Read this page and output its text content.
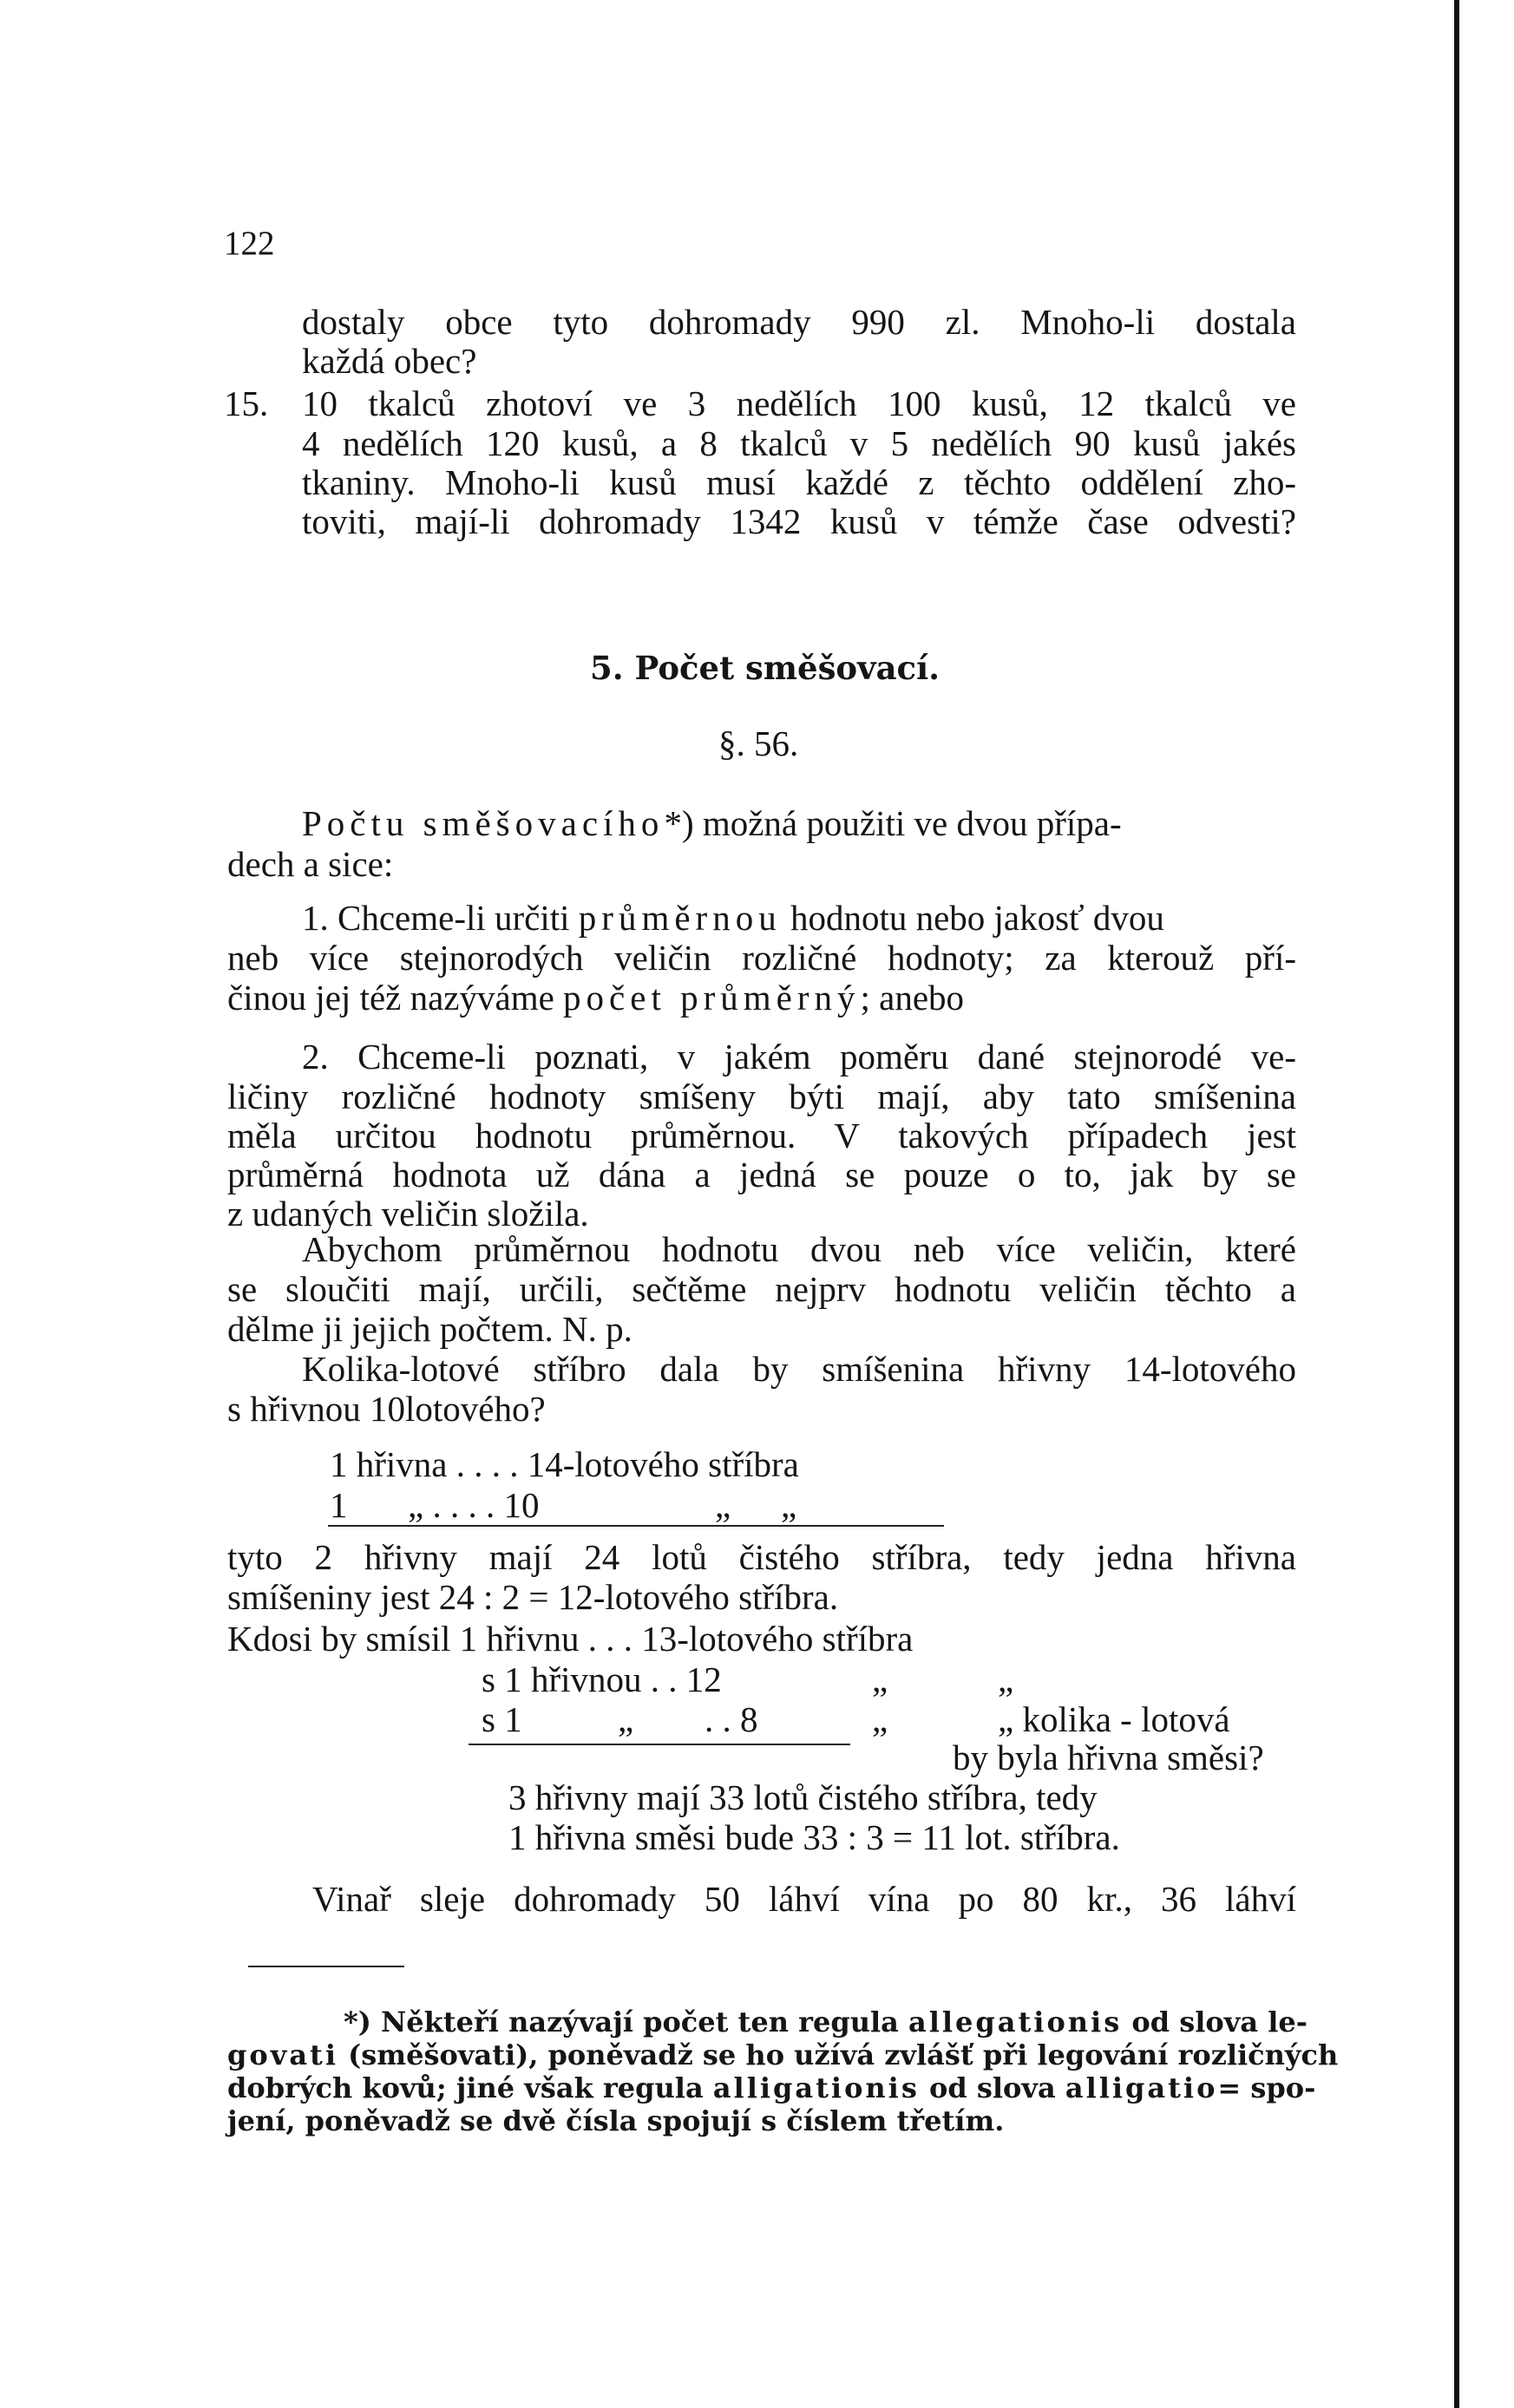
122
dostaly obce tyto dohromady 990 zl. Mnoho-li dostala
každá obec?
15. 10 tkalců zhotoví ve 3 nedělích 100 kusů, 12 tkalců ve
4 nedělích 120 kusů, a 8 tkalců v 5 nedělích 90 kusů jakés
tkaniny. Mnoho-li kusů musí každé z těchto oddělení zho-
toviti, mají-li dohromady 1342 kusů v témže čase odvesti?
5. Počet směšovací.
§. 56.
Počtu směšovacího*) možná použiti ve dvou přípa-
dech a sice:
1. Chceme-li určiti průměrnou hodnotu nebo jakosť dvou
neb více stejnorodých veličin rozličné hodnoty; za kterouž pří-
činou jej též nazýváme počet průměrný; anebo
2. Chceme-li poznati, v jakém poměru dané stejnorodé ve-
ličiny rozličné hodnoty smíšeny býti mají, aby tato smíšenina
měla určitou hodnotu průměrnou. V takových případech jest
průměrná hodnota už dána a jedná se pouze o to, jak by se
z udaných veličin složila.
Abychom průměrnou hodnotu dvou neb více veličin, které
se sloučiti mají, určili, sečtěme nejprv hodnotu veličin těchto a
dělme ji jejich počtem. N. p.
Kolika-lotové stříbro dala by smíšenina hřivny 14-lotového
s hřivnou 10lotového?
1 hřivna . . . . 14-lotového stříbra
1 „ . . . . 10	„ „
tyto 2 hřivny mají 24 lotů čistého stříbra, tedy jedna hřivna
smíšeniny jest 24 : 2 = 12-lotového stříbra.
Kdosi by smísil 1 hřivnu . . . 13-lotového stříbra
s 1 hřivnou . . 12	„	„
s 1	„ . . 8	„	„ kolika - lotová
by byla hřivna směsi?
3 hřivny mají 33 lotů čistého stříbra, tedy
1 hřivna směsi bude 33 : 3 = 11 lot. stříbra.
Vinař sleje dohromady 50 láhví vína po 80 kr., 36 láhví
*) Někteří nazývají počet ten regula allegationis od slova le-
govati (směšovati), poněvadž se ho užívá zvlášť při legování rozličných
dobrých kovů; jiné však regula alligationis od slova alligatio= spo-
jení, poněvadž se dvě čísla spojují s číslem třetím.
